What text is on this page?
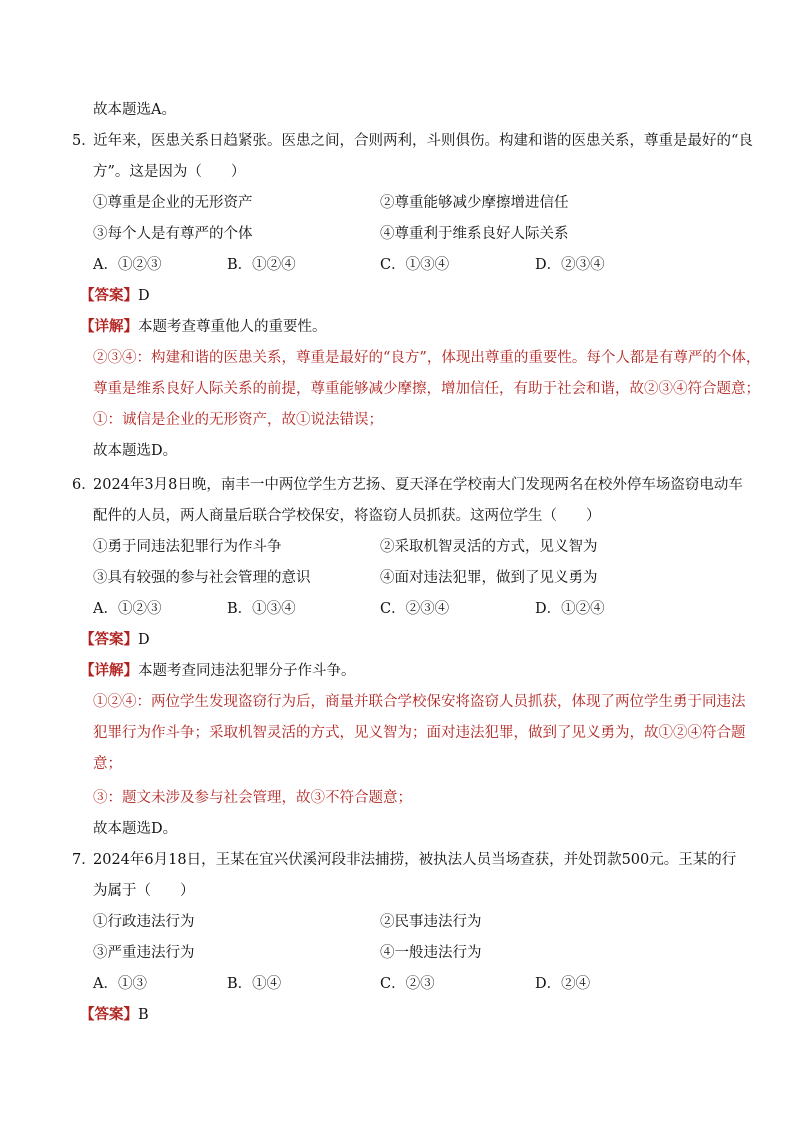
故本题选A。
5．
近年来，医患关系日趋紧张。医患之间，合则两利，斗则俱伤。构建和谐的医患关系，尊重是最好的“良
方”。这是因为（　　）
①尊重是企业的无形资产	②尊重能够减少摩擦增进信任
③每个人是有尊严的个体	④尊重利于维系良好人际关系
A．①②③	B．①②④	C．①③④	D．②③④
【答案】D
【详解】本题考查尊重他人的重要性。
②③④：构建和谐的医患关系，尊重是最好的“良方”，体现出尊重的重要性。每个人都是有尊严的个体，
尊重是维系良好人际关系的前提，尊重能够减少摩擦，增加信任，有助于社会和谐，故②③④符合题意；
①：诚信是企业的无形资产，故①说法错误；
故本题选D。
6．
2024年3月8日晚，南丰一中两位学生方艺扬、夏天泽在学校南大门发现两名在校外停车场盗窃电动车
配件的人员，两人商量后联合学校保安，将盗窃人员抓获。这两位学生（　　）
①勇于同违法犯罪行为作斗争	②采取机智灵活的方式，见义智为
③具有较强的参与社会管理的意识	④面对违法犯罪，做到了见义勇为
A．①②③	B．①③④	C．②③④	D．①②④
【答案】D
【详解】本题考查同违法犯罪分子作斗争。
①②④：两位学生发现盗窃行为后，商量并联合学校保安将盗窃人员抓获，体现了两位学生勇于同违法
犯罪行为作斗争；采取机智灵活的方式，见义智为；面对违法犯罪，做到了见义勇为，故①②④符合题
意；
③：题文未涉及参与社会管理，故③不符合题意；
故本题选D。
7．
2024年6月18日，王某在宜兴伏溪河段非法捕捞，被执法人员当场查获，并处罚款500元。王某的行
为属于（　　）
①行政违法行为	②民事违法行为
③严重违法行为	④一般违法行为
A．①③	B．①④	C．②③	D．②④
【答案】B
